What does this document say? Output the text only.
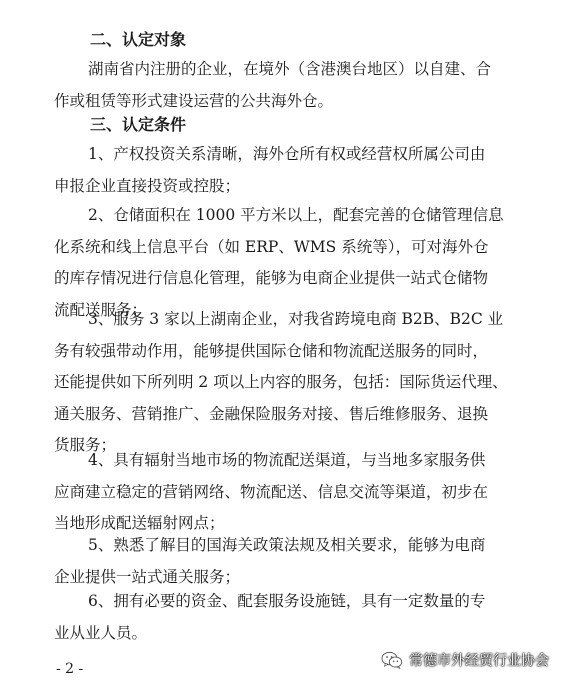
二、认定对象
湖南省内注册的企业，在境外（含港澳台地区）以自建、合
作或租赁等形式建设运营的公共海外仓。
三、认定条件
1、产权投资关系清晰，海外仓所有权或经营权所属公司由
申报企业直接投资或控股；
2、仓储面积在 1000 平方米以上，配套完善的仓储管理信息
化系统和线上信息平台（如 ERP、WMS 系统等），可对海外仓
的库存情况进行信息化管理，能够为电商企业提供一站式仓储物
流配送服务；
3、服务 3 家以上湖南企业，对我省跨境电商 B2B、B2C 业
务有较强带动作用，能够提供国际仓储和物流配送服务的同时，
还能提供如下所列明 2 项以上内容的服务，包括：国际货运代理、
通关服务、营销推广、金融保险服务对接、售后维修服务、退换
货服务；
4、具有辐射当地市场的物流配送渠道，与当地多家服务供
应商建立稳定的营销网络、物流配送、信息交流等渠道，初步在
当地形成配送辐射网点；
5、熟悉了解目的国海关政策法规及相关要求，能够为电商
企业提供一站式通关服务；
6、拥有必要的资金、配套服务设施链，具有一定数量的专
业从业人员。
- 2 -	常德市外经贸行业协会
